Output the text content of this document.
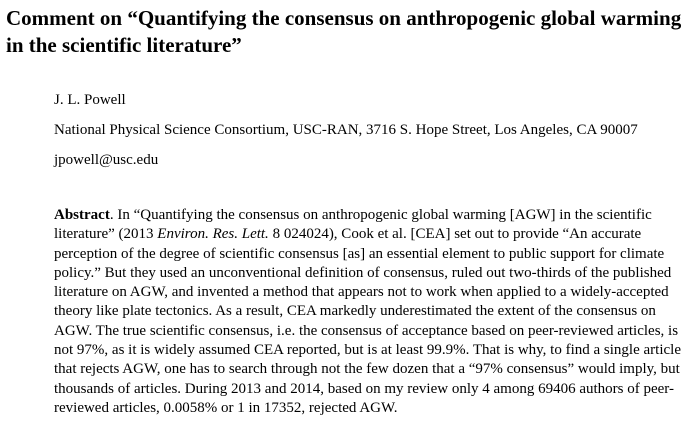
Comment on “Quantifying the consensus on anthropogenic global warming in the scientific literature”
J. L. Powell
National Physical Science Consortium, USC-RAN, 3716 S. Hope Street, Los Angeles, CA 90007
jpowell@usc.edu

Abstract. In “Quantifying the consensus on anthropogenic global warming [AGW] in the scientific literature” (2013 Environ. Res. Lett. 8 024024), Cook et al. [CEA] set out to provide “An accurate perception of the degree of scientific consensus [as] an essential element to public support for climate policy.” But they used an unconventional definition of consensus, ruled out two-thirds of the published literature on AGW, and invented a method that appears not to work when applied to a widely-accepted theory like plate tectonics. As a result, CEA markedly underestimated the extent of the consensus on AGW. The true scientific consensus, i.e. the consensus of acceptance based on peer-reviewed articles, is not 97%, as it is widely assumed CEA reported, but is at least 99.9%. That is why, to find a single article that rejects AGW, one has to search through not the few dozen that a “97% consensus” would imply, but thousands of articles. During 2013 and 2014, based on my review only 4 among 69406 authors of peer-reviewed articles, 0.0058% or 1 in 17352, rejected AGW.
